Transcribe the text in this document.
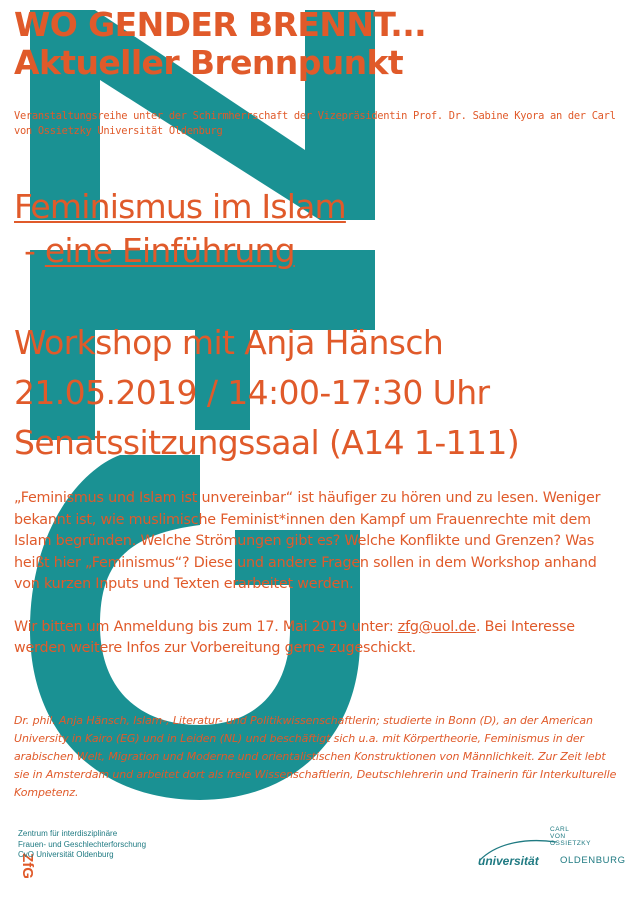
WO GENDER BRENNT...
Aktueller Brennpunkt
Veranstaltungsreihe unter der Schirmherrschaft der Vizepräsidentin Prof. Dr. Sabine Kyora an der Carl von Ossietzky Universität Oldenburg
Feminismus im Islam
- eine Einführung
Workshop mit Anja Hänsch
21.05.2019 / 14:00-17:30 Uhr
Senatssitzungssaal (A14 1-111)

„Feminismus und Islam ist unvereinbar“ ist häufiger zu hören und zu lesen. Weniger bekannt ist, wie muslimische Feminist*innen den Kampf um Frauenrechte mit dem Islam begründen. Welche Strömungen gibt es? Welche Konflikte und Grenzen? Was heißt hier „Feminismus“? Diese und andere Fragen sollen in dem Workshop anhand von kurzen Inputs und Texten erarbeitet werden.

Wir bitten um Anmeldung bis zum 17. Mai 2019 unter: zfg@uol.de. Bei Interesse werden weitere Infos zur Vorbereitung gerne zugeschickt.

Dr. phil. Anja Hänsch, Islam-, Literatur- und Politikwissenschaftlerin; studierte in Bonn (D), an der American University in Kairo (EG) und in Leiden (NL) und beschäftigt sich u.a. mit Körpertheorie, Feminismus in der arabischen Welt, Migration und Moderne und orientalistischen Konstruktionen von Männlichkeit. Zur Zeit lebt sie in Amsterdam und arbeitet dort als freie Wissenschaftlerin, Deutschlehrerin und Trainerin für Interkulturelle Kompetenz.
ZfG
Zentrum für interdisziplinäre
Frauen- und Geschlechterforschung
CvO Universität Oldenburg
CARL
VON
OSSIETZKY
universität OLDENBURG
